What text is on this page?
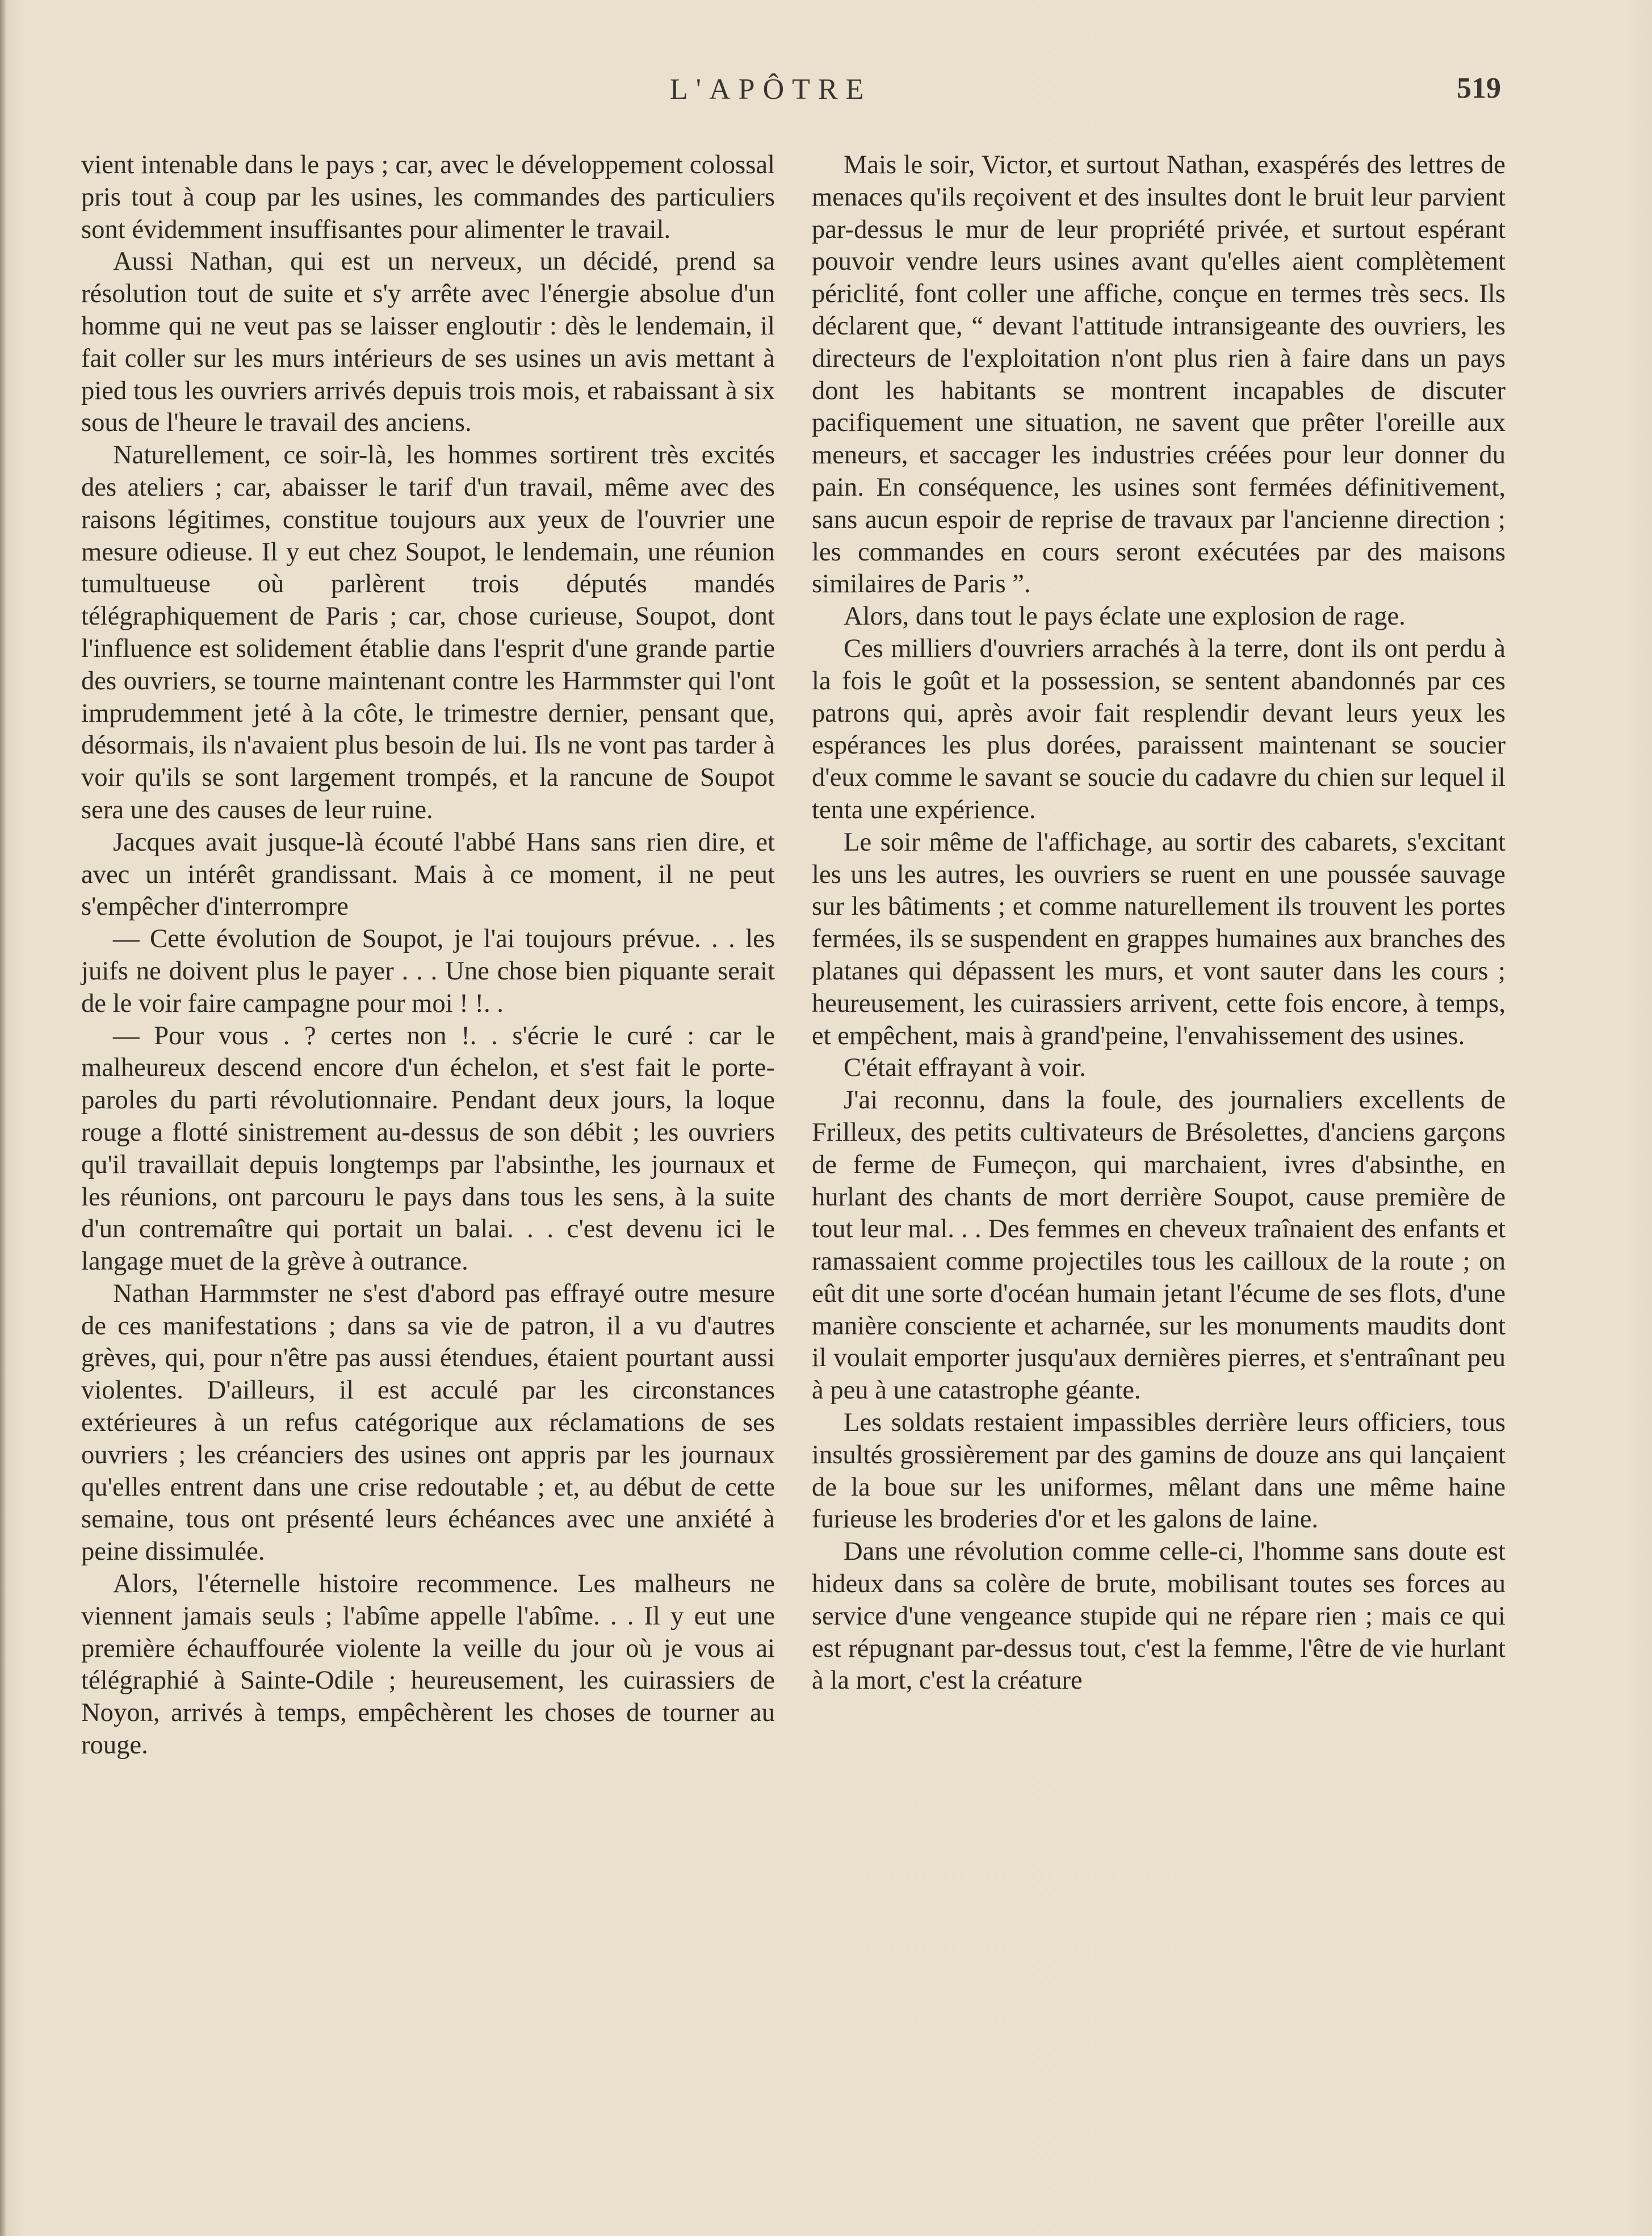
L'APÔTRE	519

vient intenable dans le pays ; car, avec le développement colossal pris tout à coup par les usines, les commandes des particuliers sont évidemment insuffisantes pour alimenter le travail.

Aussi Nathan, qui est un nerveux, un décidé, prend sa résolution tout de suite et s'y arrête avec l'énergie absolue d'un homme qui ne veut pas se laisser engloutir : dès le lendemain, il fait coller sur les murs intérieurs de ses usines un avis mettant à pied tous les ouvriers arrivés depuis trois mois, et rabaissant à six sous de l'heure le travail des anciens.

Naturellement, ce soir-là, les hommes sortirent très excités des ateliers ; car, abaisser le tarif d'un travail, même avec des raisons légitimes, constitue toujours aux yeux de l'ouvrier une mesure odieuse. Il y eut chez Soupot, le lendemain, une réunion tumultueuse où parlèrent trois députés mandés télégraphiquement de Paris ; car, chose curieuse, Soupot, dont l'influence est solidement établie dans l'esprit d'une grande partie des ouvriers, se tourne maintenant contre les Harmmster qui l'ont imprudemment jeté à la côte, le trimestre dernier, pensant que, désormais, ils n'avaient plus besoin de lui. Ils ne vont pas tarder à voir qu'ils se sont largement trompés, et la rancune de Soupot sera une des causes de leur ruine.

Jacques avait jusque-là écouté l'abbé Hans sans rien dire, et avec un intérêt grandissant. Mais à ce moment, il ne peut s'empêcher d'interrompre

— Cette évolution de Soupot, je l'ai toujours prévue. . . les juifs ne doivent plus le payer . . . Une chose bien piquante serait de le voir faire campagne pour moi ! !. .

— Pour vous . ? certes non !. . s'écrie le curé : car le malheureux descend encore d'un échelon, et s'est fait le porte-paroles du parti révolutionnaire. Pendant deux jours, la loque rouge a flotté sinistrement au-dessus de son débit ; les ouvriers qu'il travaillait depuis longtemps par l'absinthe, les journaux et les réunions, ont parcouru le pays dans tous les sens, à la suite d'un contremaître qui portait un balai. . . c'est devenu ici le langage muet de la grève à outrance.

Nathan Harmmster ne s'est d'abord pas effrayé outre mesure de ces manifestations ; dans sa vie de patron, il a vu d'autres grèves, qui, pour n'être pas aussi étendues, étaient pourtant aussi violentes. D'ailleurs, il est acculé par les circonstances extérieures à un refus catégorique aux réclamations de ses ouvriers ; les créanciers des usines ont appris par les journaux qu'elles entrent dans une crise redoutable ; et, au début de cette semaine, tous ont présenté leurs échéances avec une anxiété à peine dissimulée.

Alors, l'éternelle histoire recommence. Les malheurs ne viennent jamais seuls ; l'abîme appelle l'abîme. . . Il y eut une première échauffourée violente la veille du jour où je vous ai télégraphié à Sainte-Odile ; heureusement, les cuirassiers de Noyon, arrivés à temps, empêchèrent les choses de tourner au rouge.

Mais le soir, Victor, et surtout Nathan, exaspérés des lettres de menaces qu'ils reçoivent et des insultes dont le bruit leur parvient par-dessus le mur de leur propriété privée, et surtout espérant pouvoir vendre leurs usines avant qu'elles aient complètement périclité, font coller une affiche, conçue en termes très secs. Ils déclarent que, “ devant l'attitude intransigeante des ouvriers, les directeurs de l'exploitation n'ont plus rien à faire dans un pays dont les habitants se montrent incapables de discuter pacifiquement une situation, ne savent que prêter l'oreille aux meneurs, et saccager les industries créées pour leur donner du pain. En conséquence, les usines sont fermées définitivement, sans aucun espoir de reprise de travaux par l'ancienne direction ; les commandes en cours seront exécutées par des maisons similaires de Paris ”.

Alors, dans tout le pays éclate une explosion de rage.

Ces milliers d'ouvriers arrachés à la terre, dont ils ont perdu à la fois le goût et la possession, se sentent abandonnés par ces patrons qui, après avoir fait resplendir devant leurs yeux les espérances les plus dorées, paraissent maintenant se soucier d'eux comme le savant se soucie du cadavre du chien sur lequel il tenta une expérience.

Le soir même de l'affichage, au sortir des cabarets, s'excitant les uns les autres, les ouvriers se ruent en une poussée sauvage sur les bâtiments ; et comme naturellement ils trouvent les portes fermées, ils se suspendent en grappes humaines aux branches des platanes qui dépassent les murs, et vont sauter dans les cours ; heureusement, les cuirassiers arrivent, cette fois encore, à temps, et empêchent, mais à grand'peine, l'envahissement des usines.

C'était effrayant à voir.

J'ai reconnu, dans la foule, des journaliers excellents de Frilleux, des petits cultivateurs de Brésolettes, d'anciens garçons de ferme de Fumeçon, qui marchaient, ivres d'absinthe, en hurlant des chants de mort derrière Soupot, cause première de tout leur mal. . . Des femmes en cheveux traînaient des enfants et ramassaient comme projectiles tous les cailloux de la route ; on eût dit une sorte d'océan humain jetant l'écume de ses flots, d'une manière consciente et acharnée, sur les monuments maudits dont il voulait emporter jusqu'aux dernières pierres, et s'entraînant peu à peu à une catastrophe géante.

Les soldats restaient impassibles derrière leurs officiers, tous insultés grossièrement par des gamins de douze ans qui lançaient de la boue sur les uniformes, mêlant dans une même haine furieuse les broderies d'or et les galons de laine.

Dans une révolution comme celle-ci, l'homme sans doute est hideux dans sa colère de brute, mobilisant toutes ses forces au service d'une vengeance stupide qui ne répare rien ; mais ce qui est répugnant par-dessus tout, c'est la femme, l'être de vie hurlant à la mort, c'est la créature
